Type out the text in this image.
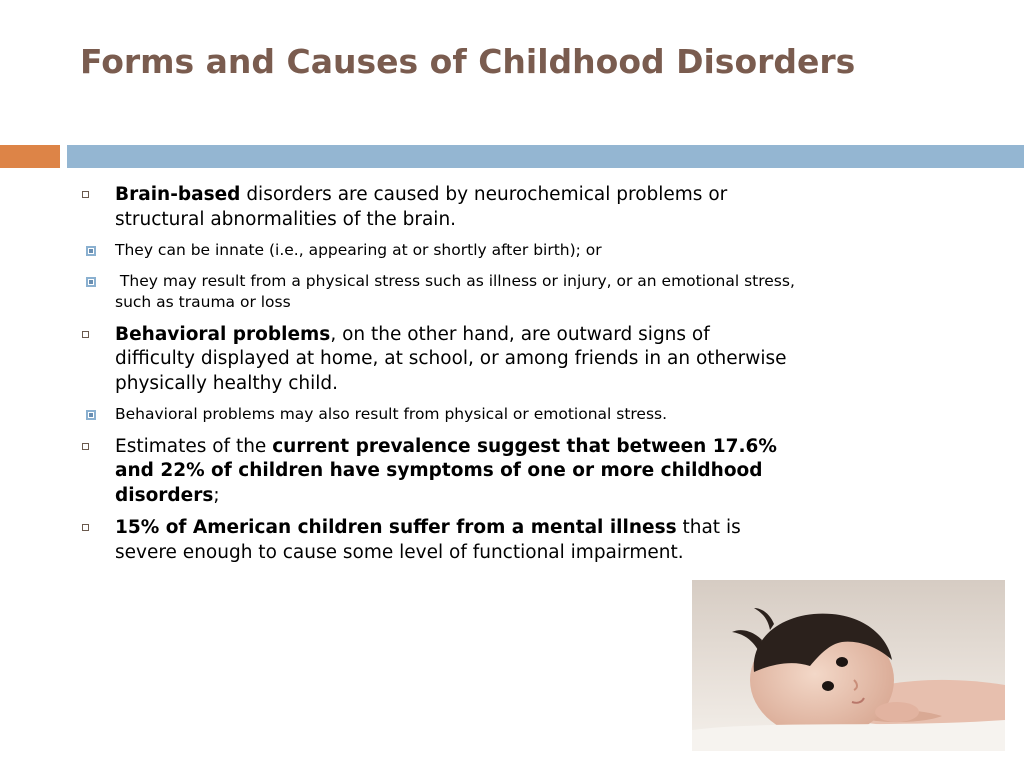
Forms and Causes of Childhood Disorders
Brain-based disorders are caused by neurochemical problems or structural abnormalities of the brain.
They can be innate (i.e., appearing at or shortly after birth); or
They may result from a physical stress such as illness or injury, or an emotional stress, such as trauma or loss
Behavioral problems, on the other hand, are outward signs of difficulty displayed at home, at school, or among friends in an otherwise physically healthy child.
Behavioral problems may also result from physical or emotional stress.
Estimates of the current prevalence suggest that between 17.6% and 22% of children have symptoms of one or more childhood disorders;
15% of American children suffer from a mental illness that is severe enough to cause some level of functional impairment.
